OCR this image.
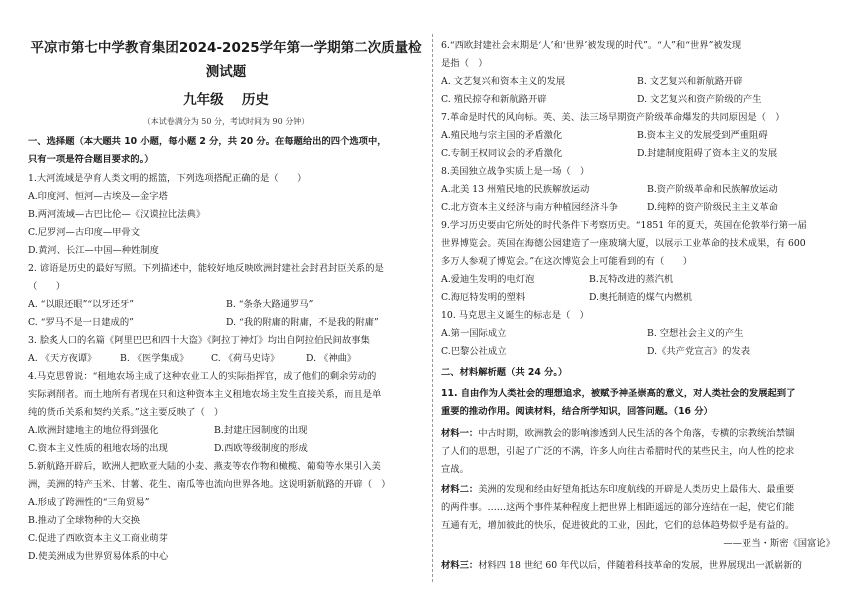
平凉市第七中学教育集团2024-2025学年第一学期第二次质量检
测试题
九年级　 历史
（本试卷满分为 50 分，考试时间为 90 分钟）
一、选择题（本大题共 10 小题，每小题 2 分，共 20 分。在每题给出的四个选项中，
只有一项是符合题目要求的。）
1.大河流域是孕育人类文明的摇篮，下列选项搭配正确的是（　　）
A.印度河、恒河—古埃及—金字塔
B.两河流域—古巴比伦—《汉谟拉比法典》
C.尼罗河—古印度—甲骨文
D.黄河、长江—中国—种姓制度
2. 谚语是历史的最好写照。下列描述中，能较好地反映欧洲封建社会封君封臣关系的是
（　　）
A. “以眼还眼”“以牙还牙”	B. “条条大路通罗马”
C. “罗马不是一日建成的”	D. “我的附庸的附庸，不是我的附庸”
3. 脍炙人口的名篇《阿里巴巴和四十大盗》《阿拉丁神灯》均出自阿拉伯民间故事集
A. 《天方夜谭》	B. 《医学集成》 C. 《荷马史诗》	D. 《神曲》
4.马克思曾说：“租地农场主成了这种农业工人的实际指挥官，成了他们的剩余劳动的
实际剥削者。而土地所有者现在只和这种资本主义租地农场主发生直接关系，而且是单
纯的货币关系和契约关系。”这主要反映了（　）
A.欧洲封建地主的地位得到强化	B.封建庄园制度的出现
C.资本主义性质的租地农场的出现	D.西欧等级制度的形成
5.新航路开辟后，欧洲人把欧亚大陆的小麦、燕麦等农作物和橄榄、葡萄等水果引入美
洲，美洲的特产玉米、甘薯、花生、南瓜等也流向世界各地。这说明新航路的开辟（　）
A.形成了跨洲性的“三角贸易”
B.推动了全球物种的大交换
C.促进了西欧资本主义工商业萌芽
D.使美洲成为世界贸易体系的中心
6.“西欧封建社会末期是‘人’和‘世界’被发现的时代”。“人”和“世界”被发现
是指（　）
A. 文艺复兴和资本主义的发展	B. 文艺复兴和新航路开辟
C. 殖民掠夺和新航路开辟	D. 文艺复兴和资产阶级的产生
7.革命是时代的风向标。英、美、法三场早期资产阶级革命爆发的共同原因是（　）
A.殖民地与宗主国的矛盾激化	B.资本主义的发展受到严重阻碍
C.专制王权同议会的矛盾激化	D.封建制度阻碍了资本主义的发展
8.美国独立战争实质上是一场（　）
A.北美 13 州殖民地的民族解放运动	B.资产阶级革命和民族解放运动
C.北方资本主义经济与南方种植园经济斗争	D.纯粹的资产阶级民主主义革命
9.学习历史要由它所处的时代条件下考察历史。“1851 年的夏天，英国在伦敦举行第一届
世界博览会。英国在海德公园建造了一座玻璃大厦，以展示工业革命的技术成果，有 600
多万人参观了博览会。”在这次博览会上可能看到的有（　　）
A.爱迪生发明的电灯泡	B.瓦特改进的蒸汽机
C.海厄特发明的塑料	D.奥托制造的煤气内燃机
10. 马克思主义诞生的标志是（　）
A.第一国际成立	B. 空想社会主义的产生
C.巴黎公社成立	D.《共产党宣言》的发表
二、材料解析题（共 24 分。）
11. 自由作为人类社会的理想追求，被赋予神圣崇高的意义，对人类社会的发展起到了
重要的推动作用。阅读材料，结合所学知识，回答问题。（16 分）
材料一：中古时期，欧洲教会的影响渗透到人民生活的各个角落，专横的宗教统治禁锢
了人们的思想，引起了广泛的不满，许多人向往古希腊时代的某些民主，向人性的挖求
宣战。
材料二：美洲的发现和经由好望角抵达东印度航线的开辟是人类历史上最伟大、最重要
的两件事。……这两个事件某种程度上把世界上相距遥远的部分连结在一起，使它们能
互通有无，增加彼此的快乐，促进彼此的工业，因此，它们的总体趋势似乎是有益的。
——亚当・斯密《国富论》
材料三：材料四 18 世纪 60 年代以后，伴随着科技革命的发展，世界展现出一派崭新的
